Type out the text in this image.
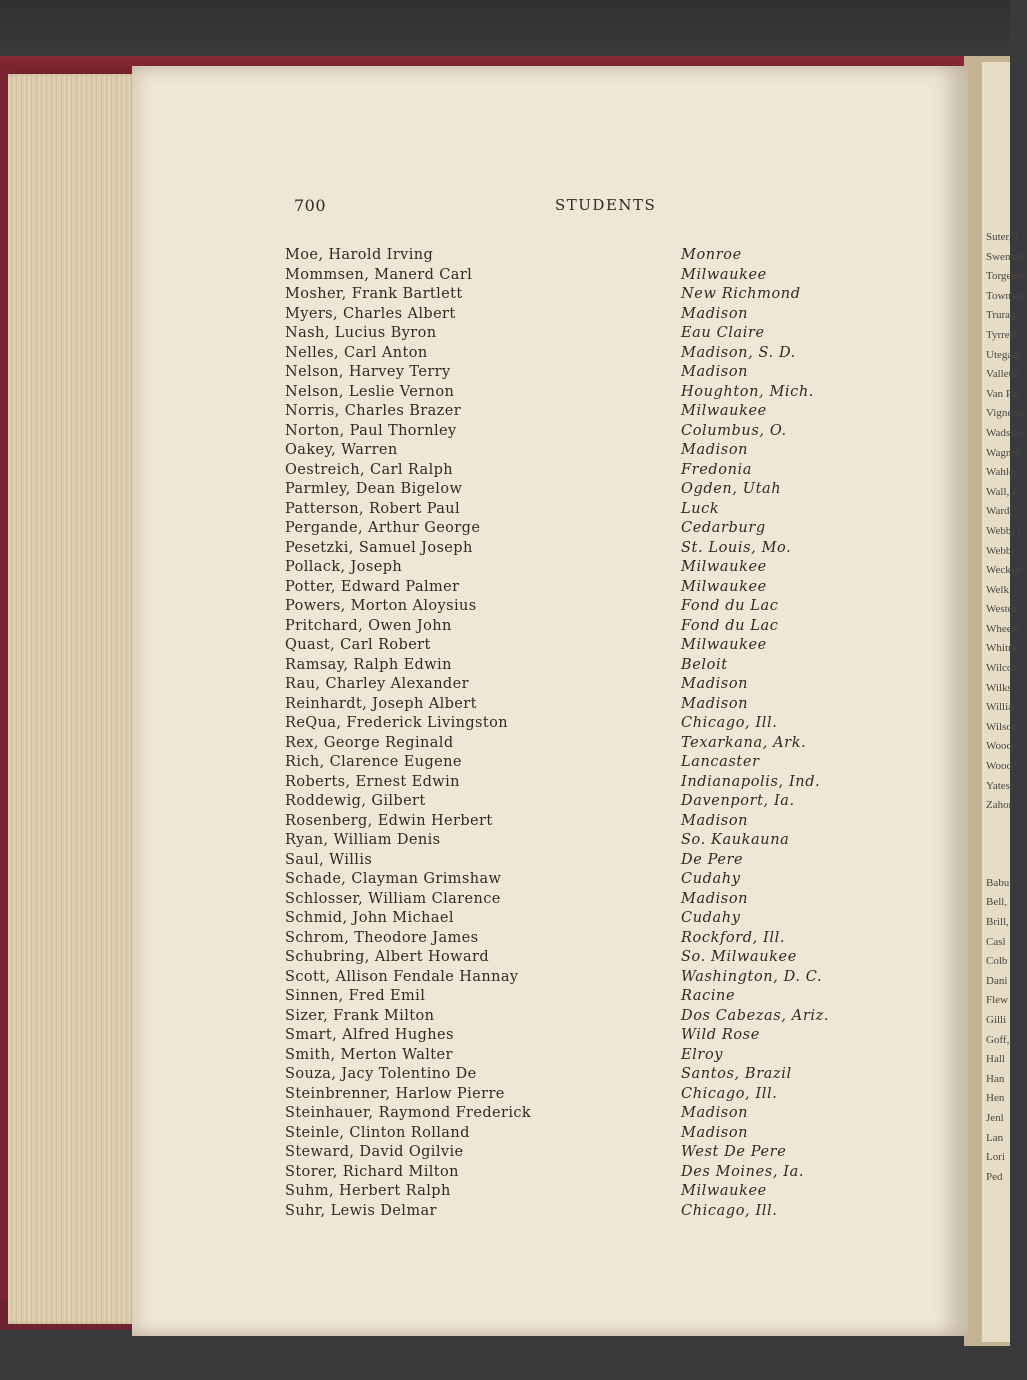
700	STUDENTS
Moe, Harold Irving	Monroe
Mommsen, Manerd Carl	Milwaukee
Mosher, Frank Bartlett	New Richmond
Myers, Charles Albert	Madison
Nash, Lucius Byron	Eau Claire
Nelles, Carl Anton	Madison, S. D.
Nelson, Harvey Terry	Madison
Nelson, Leslie Vernon	Houghton, Mich.
Norris, Charles Brazer	Milwaukee
Norton, Paul Thornley	Columbus, O.
Oakey, Warren	Madison
Oestreich, Carl Ralph	Fredonia
Parmley, Dean Bigelow	Ogden, Utah
Patterson, Robert Paul	Luck
Pergande, Arthur George	Cedarburg
Pesetzki, Samuel Joseph	St. Louis, Mo.
Pollack, Joseph	Milwaukee
Potter, Edward Palmer	Milwaukee
Powers, Morton Aloysius	Fond du Lac
Pritchard, Owen John	Fond du Lac
Quast, Carl Robert	Milwaukee
Ramsay, Ralph Edwin	Beloit
Rau, Charley Alexander	Madison
Reinhardt, Joseph Albert	Madison
ReQua, Frederick Livingston	Chicago, Ill.
Rex, George Reginald	Texarkana, Ark.
Rich, Clarence Eugene	Lancaster
Roberts, Ernest Edwin	Indianapolis, Ind.
Roddewig, Gilbert	Davenport, Ia.
Rosenberg, Edwin Herbert	Madison
Ryan, William Denis	So. Kaukauna
Saul, Willis	De Pere
Schade, Clayman Grimshaw	Cudahy
Schlosser, William Clarence	Madison
Schmid, John Michael	Cudahy
Schrom, Theodore James	Rockford, Ill.
Schubring, Albert Howard	So. Milwaukee
Scott, Allison Fendale Hannay	Washington, D. C.
Sinnen, Fred Emil	Racine
Sizer, Frank Milton	Dos Cabezas, Ariz.
Smart, Alfred Hughes	Wild Rose
Smith, Merton Walter	Elroy
Souza, Jacy Tolentino De	Santos, Brazil
Steinbrenner, Harlow Pierre	Chicago, Ill.
Steinhauer, Raymond Frederick	Madison
Steinle, Clinton Rolland	Madison
Steward, David Ogilvie	West De Pere
Storer, Richard Milton	Des Moines, Ia.
Suhm, Herbert Ralph	Milwaukee
Suhr, Lewis Delmar	Chicago, Ill.
Suter, J
Swenhol
Torgeson
Townsen
Truran,
Tyrrell,
Utegaar
Vallette
Van Pat
Vigneror
Wadswo
Wagner,
Wahle,
Wall, J
Ward, (
Webb, I
Webb,
Weckse
Welk,
Wester
Wheele
Whitne
Wilcox
Wilks,
Willia
Wilson
Wood,
Wood
Yates,
Zahor
Babu
Bell,
Brill,
Casl
Colb
Dani
Flew
Gilli
Goff,
Hall
Han
Hen
Jenl
Lan
Lori
Ped
